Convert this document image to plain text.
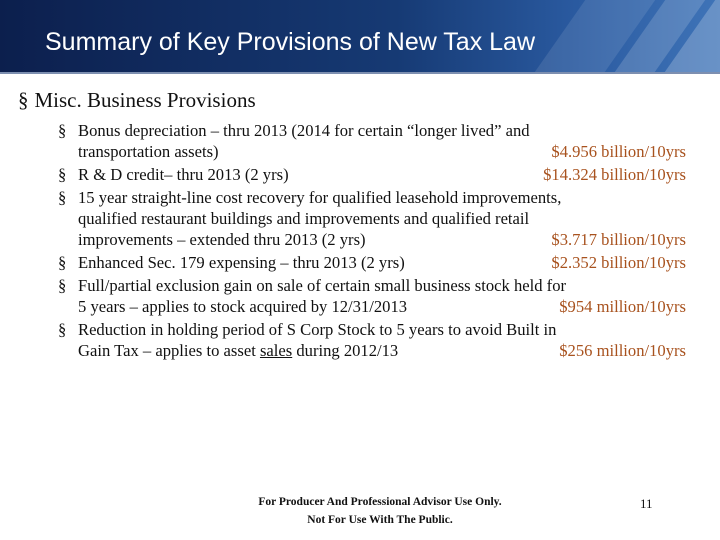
Summary of Key Provisions of New Tax Law
§ Misc. Business Provisions
§ Bonus depreciation – thru 2013 (2014 for certain “longer lived” and
transportation assets)	$4.956 billion/10yrs
§ R & D credit– thru 2013 (2 yrs)	$14.324 billion/10yrs
§ 15 year straight-line cost recovery for qualified leasehold improvements,
qualified restaurant buildings and improvements and qualified retail
improvements – extended thru 2013 (2 yrs)	$3.717 billion/10yrs
§ Enhanced Sec. 179 expensing – thru 2013 (2 yrs)	$2.352 billion/10yrs
§ Full/partial exclusion gain on sale of certain small business stock held for
5 years – applies to stock acquired by 12/31/2013	$954 million/10yrs
§ Reduction in holding period of S Corp Stock to 5 years to avoid Built in
Gain Tax – applies to asset sales during 2012/13	$256 million/10yrs
For Producer And Professional Advisor Use Only.
Not For Use With The Public.
11
